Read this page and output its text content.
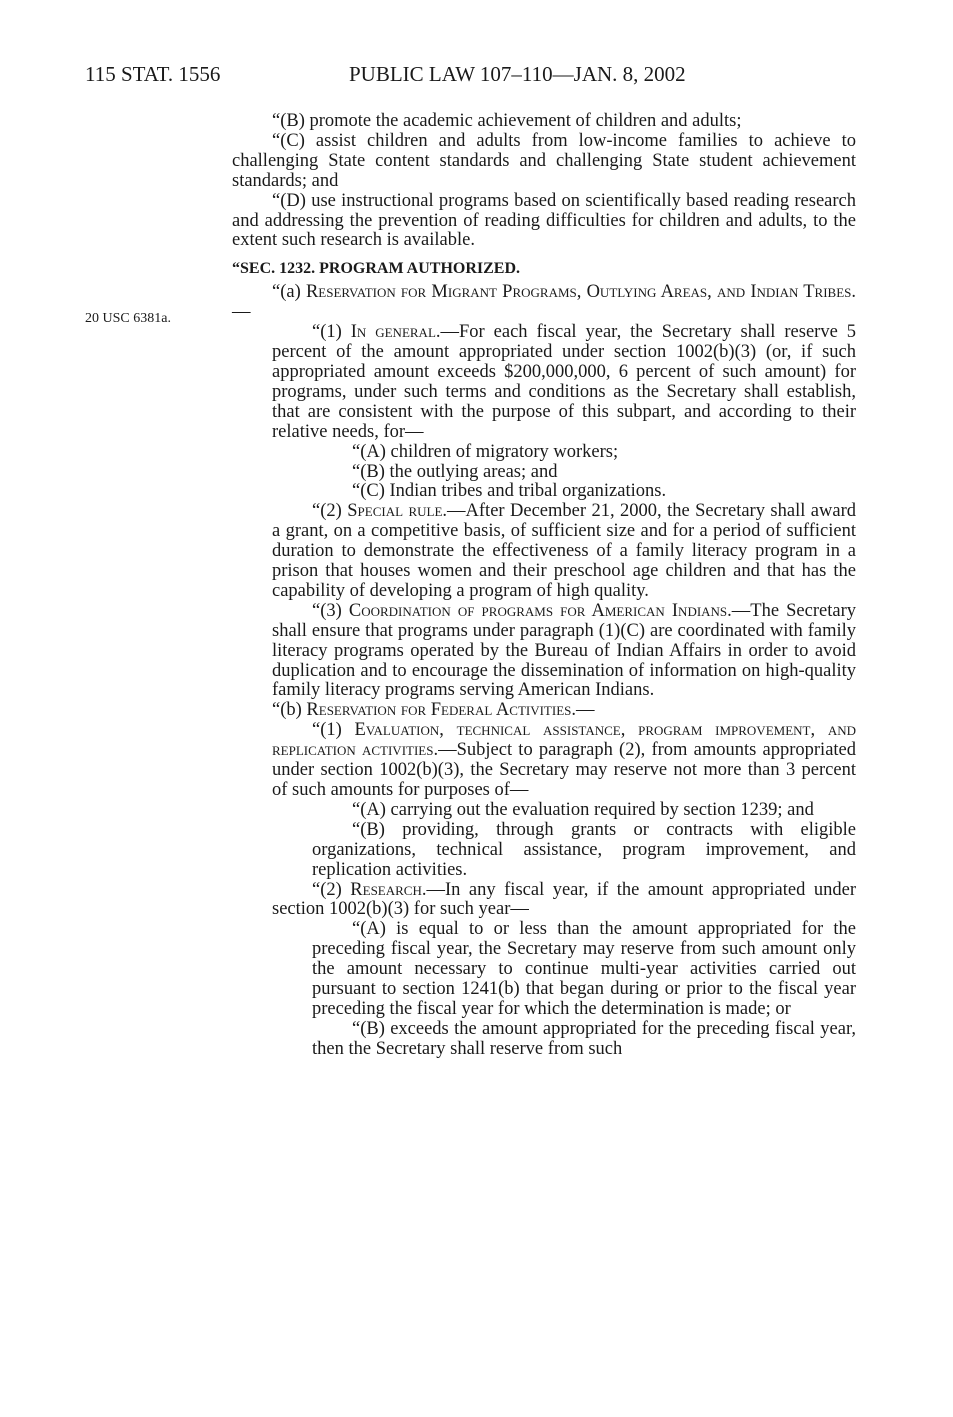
115 STAT. 1556	PUBLIC LAW 107–110—JAN. 8, 2002
20 USC 6381a.

“(B) promote the academic achievement of children and adults;

“(C) assist children and adults from low-income families to achieve to challenging State content standards and challenging State student achievement standards; and

“(D) use instructional programs based on scientifically based reading research and addressing the prevention of reading difficulties for children and adults, to the extent such research is available.

“SEC. 1232. PROGRAM AUTHORIZED.

“(a) Reservation for Migrant Programs, Outlying Areas, and Indian Tribes.—

“(1) In general.—For each fiscal year, the Secretary shall reserve 5 percent of the amount appropriated under section 1002(b)(3) (or, if such appropriated amount exceeds $200,000,000, 6 percent of such amount) for programs, under such terms and conditions as the Secretary shall establish, that are consistent with the purpose of this subpart, and according to their relative needs, for—

“(A) children of migratory workers;

“(B) the outlying areas; and

“(C) Indian tribes and tribal organizations.

“(2) Special rule.—After December 21, 2000, the Secretary shall award a grant, on a competitive basis, of sufficient size and for a period of sufficient duration to demonstrate the effectiveness of a family literacy program in a prison that houses women and their preschool age children and that has the capability of developing a program of high quality.

“(3) Coordination of programs for American Indians.—The Secretary shall ensure that programs under paragraph (1)(C) are coordinated with family literacy programs operated by the Bureau of Indian Affairs in order to avoid duplication and to encourage the dissemination of information on high-quality family literacy programs serving American Indians.

“(b) Reservation for Federal Activities.—

“(1) Evaluation, technical assistance, program improvement, and replication activities.—Subject to paragraph (2), from amounts appropriated under section 1002(b)(3), the Secretary may reserve not more than 3 percent of such amounts for purposes of—

“(A) carrying out the evaluation required by section 1239; and

“(B) providing, through grants or contracts with eligible organizations, technical assistance, program improvement, and replication activities.

“(2) Research.—In any fiscal year, if the amount appropriated under section 1002(b)(3) for such year—

“(A) is equal to or less than the amount appropriated for the preceding fiscal year, the Secretary may reserve from such amount only the amount necessary to continue multi-year activities carried out pursuant to section 1241(b) that began during or prior to the fiscal year preceding the fiscal year for which the determination is made; or

“(B) exceeds the amount appropriated for the preceding fiscal year, then the Secretary shall reserve from such
